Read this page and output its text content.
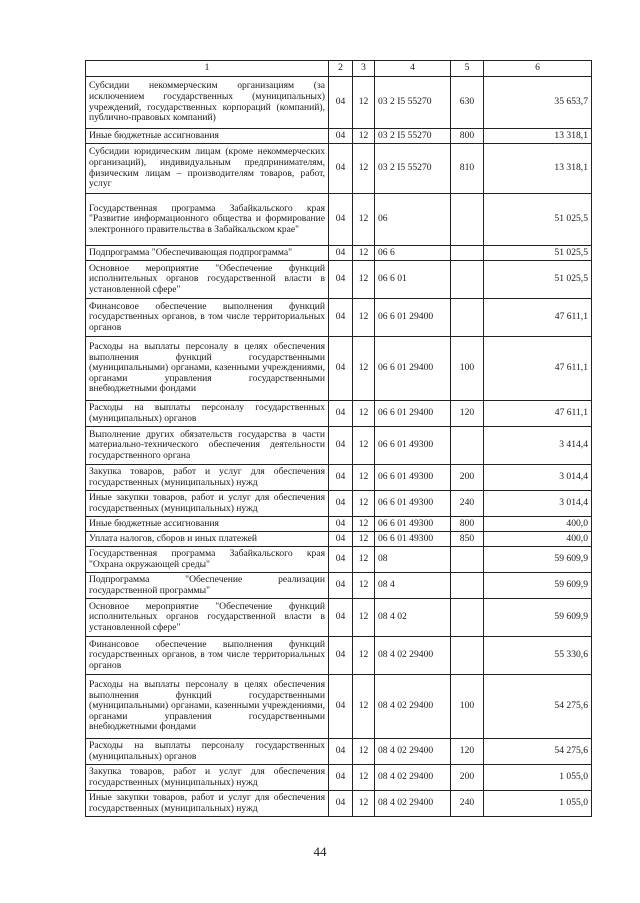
1	2	3	4	5	6
Субсидии некоммерческим организациям (за исключением государственных (муниципальных) учреждений, государственных корпораций (компаний), публично-правовых компаний)	04	12	03 2 I5 55270	630	35 653,7
Иные бюджетные ассигнования	04	12	03 2 I5 55270	800	13 318,1
Субсидии юридическим лицам (кроме некоммерческих организаций), индивидуальным предпринимателям, физическим лицам – производителям товаров, работ, услуг	04	12	03 2 I5 55270	810	13 318,1
Государственная программа Забайкальского края "Развитие информационного общества и формирование электронного правительства в Забайкальском крае"	04	12	06		51 025,5
Подпрограмма "Обеспечивающая подпрограмма"	04	12	06 6		51 025,5
Основное мероприятие "Обеспечение функций исполнительных органов государственной власти в установленной сфере"	04	12	06 6 01		51 025,5
Финансовое обеспечение выполнения функций государственных органов, в том числе территориальных органов	04	12	06 6 01 29400		47 611,1
Расходы на выплаты персоналу в целях обеспечения выполнения функций государственными (муниципальными) органами, казенными учреждениями, органами управления государственными внебюджетными фондами	04	12	06 6 01 29400	100	47 611,1
Расходы на выплаты персоналу государственных (муниципальных) органов	04	12	06 6 01 29400	120	47 611,1
Выполнение других обязательств государства в части материально-технического обеспечения деятельности государственного органа	04	12	06 6 01 49300		3 414,4
Закупка товаров, работ и услуг для обеспечения государственных (муниципальных) нужд	04	12	06 6 01 49300	200	3 014,4
Иные закупки товаров, работ и услуг для обеспечения государственных (муниципальных) нужд	04	12	06 6 01 49300	240	3 014,4
Иные бюджетные ассигнования	04	12	06 6 01 49300	800	400,0
Уплата налогов, сборов и иных платежей	04	12	06 6 01 49300	850	400,0
Государственная программа Забайкальского края "Охрана окружающей среды"	04	12	08		59 609,9
Подпрограмма "Обеспечение реализации государственной программы"	04	12	08 4		59 609,9
Основное мероприятие "Обеспечение функций исполнительных органов государственной власти в установленной сфере"	04	12	08 4 02		59 609,9
Финансовое обеспечение выполнения функций государственных органов, в том числе территориальных органов	04	12	08 4 02 29400		55 330,6
Расходы на выплаты персоналу в целях обеспечения выполнения функций государственными (муниципальными) органами, казенными учреждениями, органами управления государственными внебюджетными фондами	04	12	08 4 02 29400	100	54 275,6
Расходы на выплаты персоналу государственных (муниципальных) органов	04	12	08 4 02 29400	120	54 275,6
Закупка товаров, работ и услуг для обеспечения государственных (муниципальных) нужд	04	12	08 4 02 29400	200	1 055,0
Иные закупки товаров, работ и услуг для обеспечения государственных (муниципальных) нужд	04	12	08 4 02 29400	240	1 055,0
44
